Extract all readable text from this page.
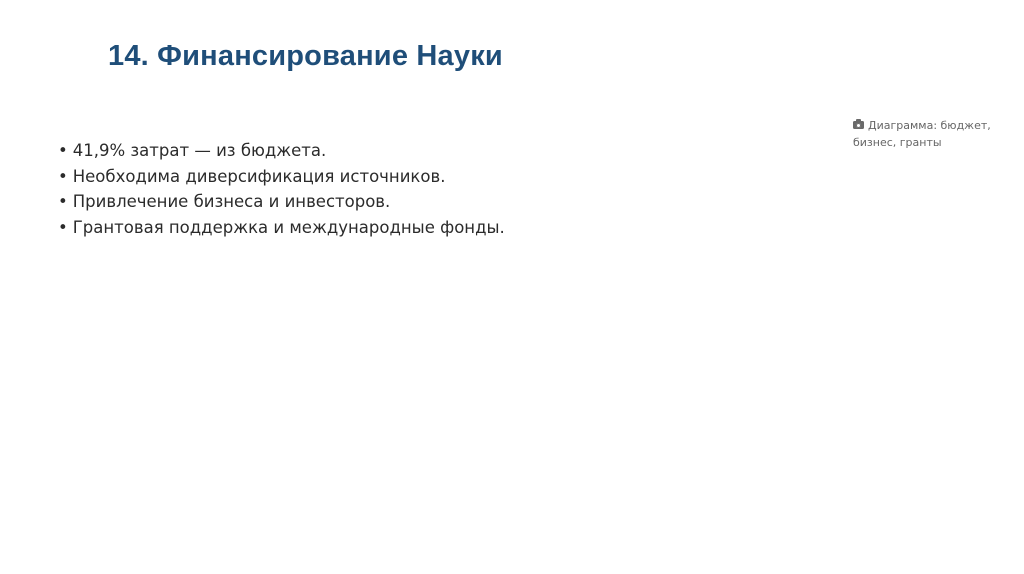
14. Финансирование Науки
• 41,9% затрат — из бюджета.
• Необходима диверсификация источников.
• Привлечение бизнеса и инвесторов.
• Грантовая поддержка и международные фонды.
Диаграмма: бюджет, бизнес, гранты
